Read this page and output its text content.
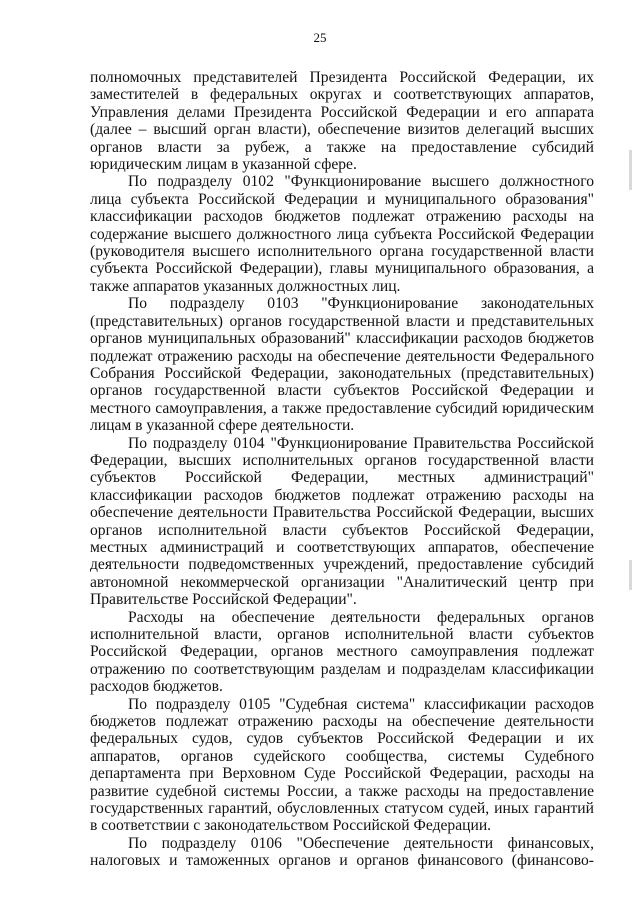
25

полномочных представителей Президента Российской Федерации, их заместителей в федеральных округах и соответствующих аппаратов, Управления делами Президента Российской Федерации и его аппарата (далее – высший орган власти), обеспечение визитов делегаций высших органов власти за рубеж, а также на предоставление субсидий юридическим лицам в указанной сфере.

По подразделу 0102 "Функционирование высшего должностного лица субъекта Российской Федерации и муниципального образования" классификации расходов бюджетов подлежат отражению расходы на содержание высшего должностного лица субъекта Российской Федерации (руководителя высшего исполнительного органа государственной власти субъекта Российской Федерации), главы муниципального образования, а также аппаратов указанных должностных лиц.

По подразделу 0103 "Функционирование законодательных (представительных) органов государственной власти и представительных органов муниципальных образований" классификации расходов бюджетов подлежат отражению расходы на обеспечение деятельности Федерального Собрания Российской Федерации, законодательных (представительных) органов государственной власти субъектов Российской Федерации и местного самоуправления, а также предоставление субсидий юридическим лицам в указанной сфере деятельности.

По подразделу 0104 "Функционирование Правительства Российской Федерации, высших исполнительных органов государственной власти субъектов Российской Федерации, местных администраций" классификации расходов бюджетов подлежат отражению расходы на обеспечение деятельности Правительства Российской Федерации, высших органов исполнительной власти субъектов Российской Федерации, местных администраций и соответствующих аппаратов, обеспечение деятельности подведомственных учреждений, предоставление субсидий автономной некоммерческой организации "Аналитический центр при Правительстве Российской Федерации".

Расходы на обеспечение деятельности федеральных органов исполнительной власти, органов исполнительной власти субъектов Российской Федерации, органов местного самоуправления подлежат отражению по соответствующим разделам и подразделам классификации расходов бюджетов.

По подразделу 0105 "Судебная система" классификации расходов бюджетов подлежат отражению расходы на обеспечение деятельности федеральных судов, судов субъектов Российской Федерации и их аппаратов, органов судейского сообщества, системы Судебного департамента при Верховном Суде Российской Федерации, расходы на развитие судебной системы России, а также расходы на предоставление государственных гарантий, обусловленных статусом судей, иных гарантий в соответствии с законодательством Российской Федерации.

По подразделу 0106 "Обеспечение деятельности финансовых, налоговых и таможенных органов и органов финансового (финансово-
